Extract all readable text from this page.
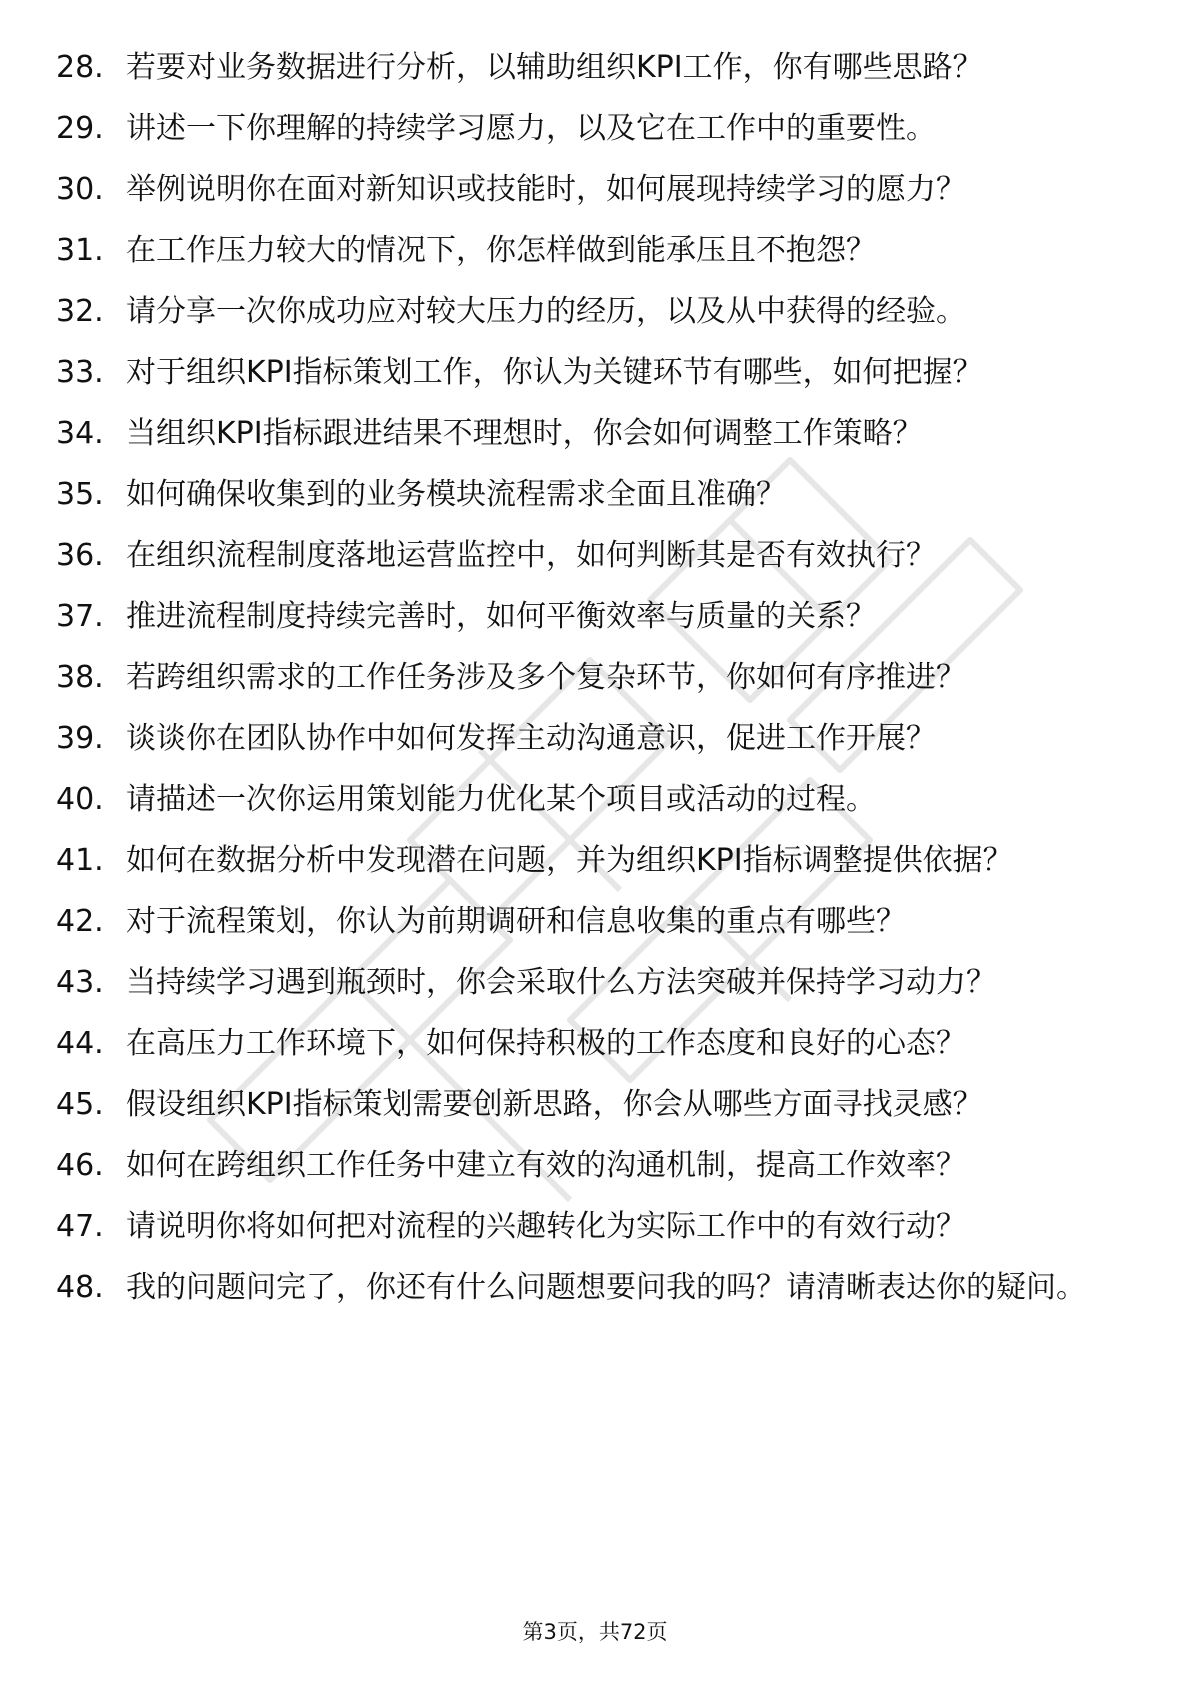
28. 若要对业务数据进行分析，以辅助组织KPI工作，你有哪些思路？
29. 讲述一下你理解的持续学习愿力，以及它在工作中的重要性。
30. 举例说明你在面对新知识或技能时，如何展现持续学习的愿力？
31. 在工作压力较大的情况下，你怎样做到能承压且不抱怨？
32. 请分享一次你成功应对较大压力的经历，以及从中获得的经验。
33. 对于组织KPI指标策划工作，你认为关键环节有哪些，如何把握？
34. 当组织KPI指标跟进结果不理想时，你会如何调整工作策略？
35. 如何确保收集到的业务模块流程需求全面且准确？
36. 在组织流程制度落地运营监控中，如何判断其是否有效执行？
37. 推进流程制度持续完善时，如何平衡效率与质量的关系？
38. 若跨组织需求的工作任务涉及多个复杂环节，你如何有序推进？
39. 谈谈你在团队协作中如何发挥主动沟通意识，促进工作开展？
40. 请描述一次你运用策划能力优化某个项目或活动的过程。
41. 如何在数据分析中发现潜在问题，并为组织KPI指标调整提供依据？
42. 对于流程策划，你认为前期调研和信息收集的重点有哪些？
43. 当持续学习遇到瓶颈时，你会采取什么方法突破并保持学习动力？
44. 在高压力工作环境下，如何保持积极的工作态度和良好的心态？
45. 假设组织KPI指标策划需要创新思路，你会从哪些方面寻找灵感？
46. 如何在跨组织工作任务中建立有效的沟通机制，提高工作效率？
47. 请说明你将如何把对流程的兴趣转化为实际工作中的有效行动？
48. 我的问题问完了，你还有什么问题想要问我的吗？请清晰表达你的疑问。
第3页，共72页
